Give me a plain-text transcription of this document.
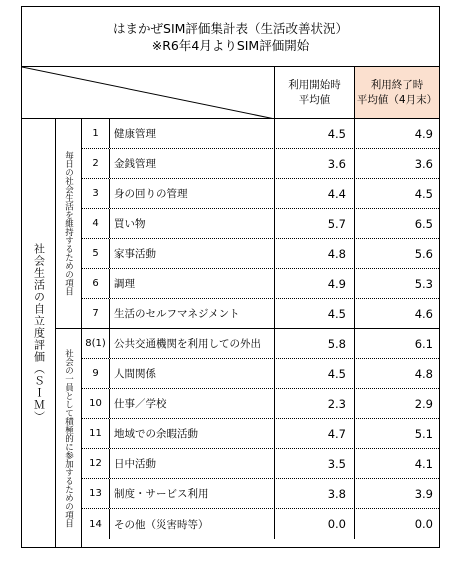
はまかぜSIM評価集計表（生活改善状況）
※R6年4月よりSIM評価開始
利用開始時
平均値
利用終了時
平均値（4月末）
社会生活の自立度評価（ＳＩＭ）
毎日の社会生活を維持するための項目
社会の一員として積極的に参加するための項目
1	健康管理	4.5	4.9
2	金銭管理	3.6	3.6
3	身の回りの管理	4.4	4.5
4	買い物	5.7	6.5
5	家事活動	4.8	5.6
6	調理	4.9	5.3
7	生活のセルフマネジメント	4.5	4.6
8(1) 公共交通機関を利用しての外出	5.8	6.1
9	人間関係	4.5	4.8
10	仕事／学校	2.3	2.9
11	地域での余暇活動	4.7	5.1
12	日中活動	3.5	4.1
13	制度・サービス利用	3.8	3.9
14	その他（災害時等）	0.0	0.0
